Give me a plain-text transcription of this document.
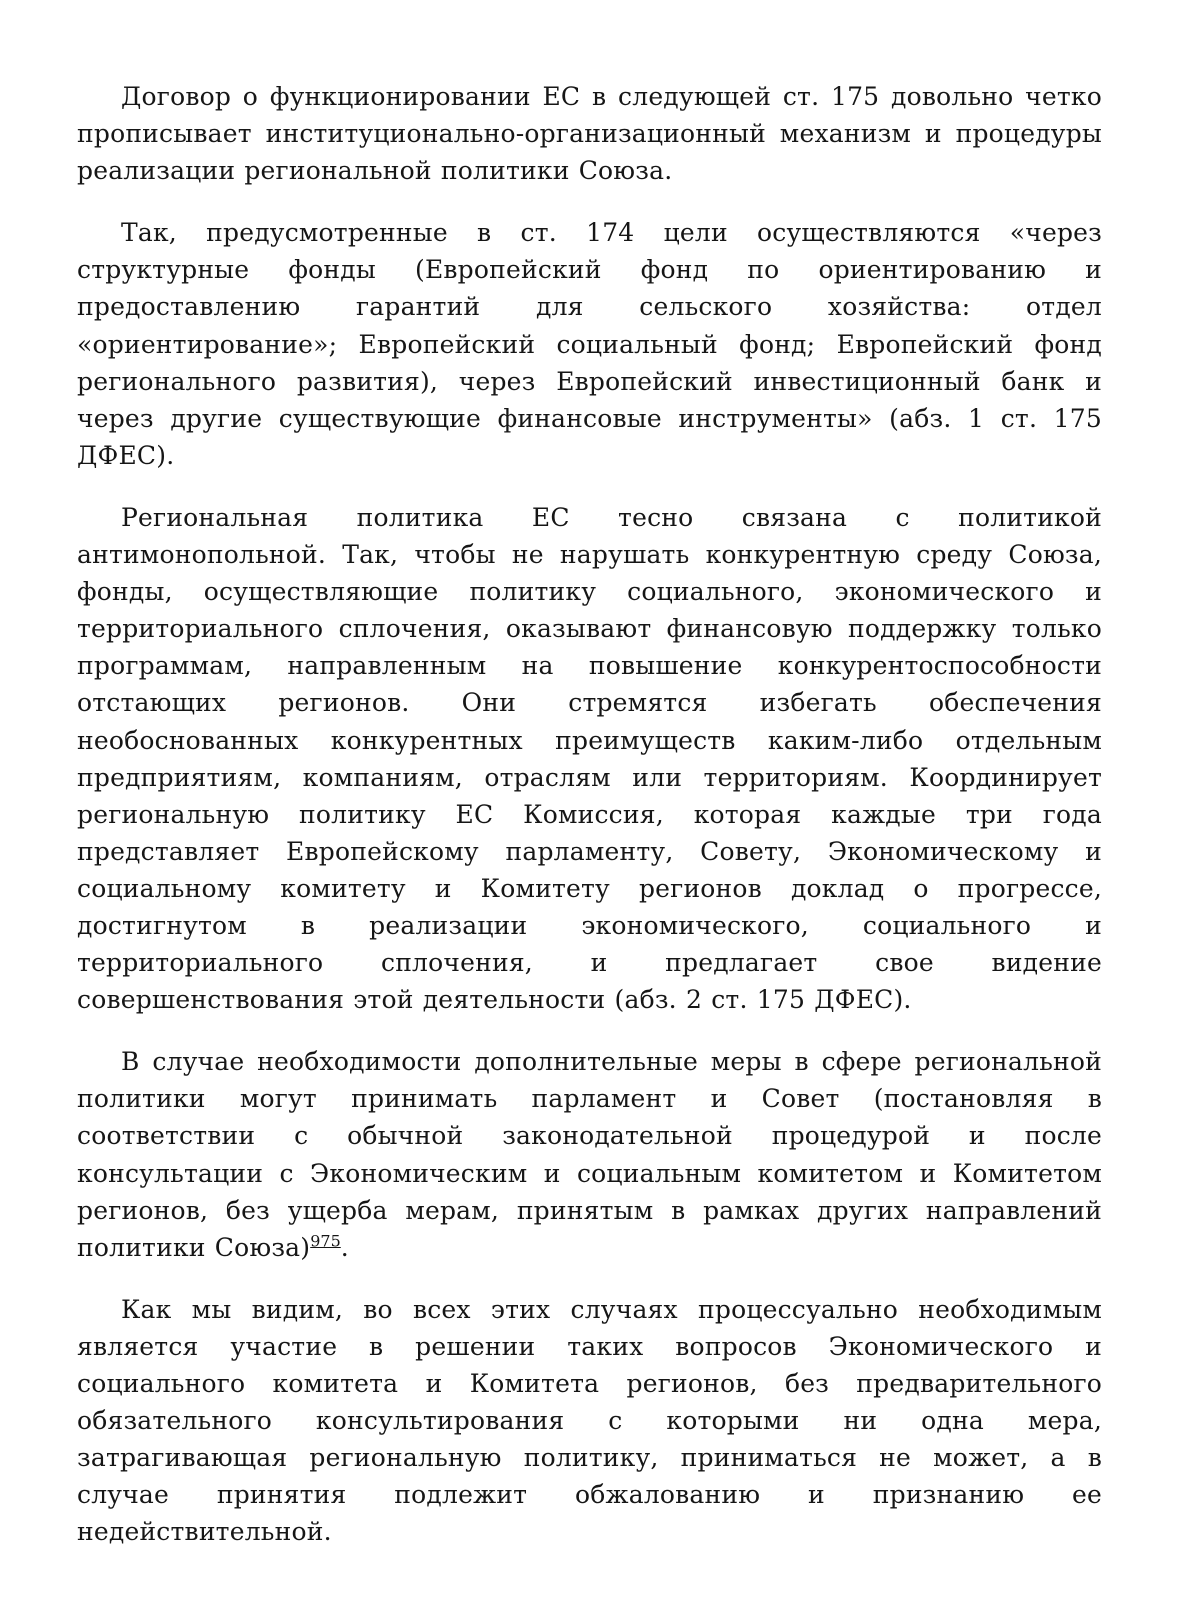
Договор о функционировании ЕС в следующей ст. 175 довольно четко прописывает институционально-организационный механизм и процедуры реализации региональной политики Союза.

Так, предусмотренные в ст. 174 цели осуществляются «через структурные фонды (Европейский фонд по ориентированию и предоставлению гарантий для сельского хозяйства: отдел «ориентирование»; Европейский социальный фонд; Европейский фонд регионального развития), через Европейский инвестиционный банк и через другие существующие финансовые инструменты» (абз. 1 ст. 175 ДФЕС).

Региональная политика ЕС тесно связана с политикой антимонопольной. Так, чтобы не нарушать конкурентную среду Союза, фонды, осуществляющие политику социального, экономического и территориального сплочения, оказывают финансовую поддержку только программам, направленным на повышение конкурентоспособности отстающих регионов. Они стремятся избегать обеспечения необоснованных конкурентных преимуществ каким-либо отдельным предприятиям, компаниям, отраслям или территориям. Координирует региональную политику ЕС Комиссия, которая каждые три года представляет Европейскому парламенту, Совету, Экономическому и социальному комитету и Комитету регионов доклад о прогрессе, достигнутом в реализации экономического, социального и территориального сплочения, и предлагает свое видение совершенствования этой деятельности (абз. 2 ст. 175 ДФЕС).

В случае необходимости дополнительные меры в сфере региональной политики могут принимать парламент и Совет (постановляя в соответствии с обычной законодательной процедурой и после консультации с Экономическим и социальным комитетом и Комитетом регионов, без ущерба мерам, принятым в рамках других направлений политики Союза)$^{975}$.

Как мы видим, во всех этих случаях процессуально необходимым является участие в решении таких вопросов Экономического и социального комитета и Комитета регионов, без предварительного обязательного консультирования с которыми ни одна мера, затрагивающая региональную политику, приниматься не может, а в случае принятия подлежит обжалованию и признанию ее недействительной.
